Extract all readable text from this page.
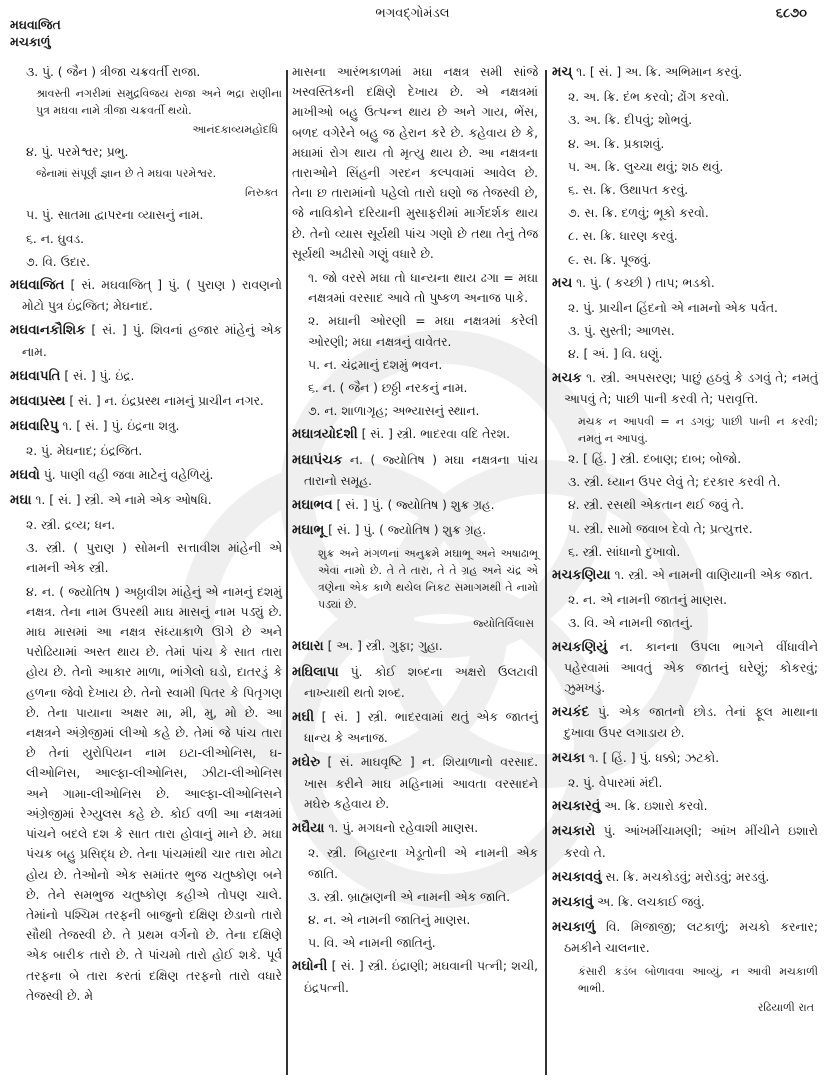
મઘવાજિત
મચકાળું
ભગવદ્ગોમંડલ	૬૮૭૦
૩. પું. ( જૈન ) ત્રીજા ચક્રવર્તી રાજા.
શ્રાવસ્તી નગરીમાં સમુદ્રવિજય રાજા અને ભદ્રા રાણીના પુત્ર મઘવા નામે ત્રીજા ચક્રવર્તી થયો.
આનંદકાવ્યમહોદધિ
૪. પું. પરમેશ્વર; પ્રભુ.
જેનામાં સંપૂર્ણ જ્ઞાન છે તે મઘવા પરમેશ્વર.
નિરુક્ત
૫. પું. સાતમા દ્વાપરના વ્યાસનું નામ.
૬. ન. ઘુવડ.
૭. વિ. ઉદાર.
મઘવાજિત [ સં. મઘવાજિત્ ] પું. ( પુરાણ ) રાવણનો મોટો પુત્ર ઇંદ્રજિત; મેઘનાદ.
મઘવાનકૌશિક [ સં. ] પું. શિવનાં હજાર માંહેનું એક નામ.
મઘવાપતિ [ સં. ] પું. ઇંદ્ર.
મઘવાપ્રસ્થ [ સં. ] ન. ઇંદ્રપ્રસ્થ નામનું પ્રાચીન નગર.
મઘવારિપુ ૧. [ સં. ] પું. ઇંદ્રના શત્રુ.
૨. પું. મેઘનાદ; ઇંદ્રજિત.
મઘવો પું. પાણી વહી જવા માટેનું વહેળિયું.
મઘા ૧. [ સં. ] સ્ત્રી. એ નામે એક ઓષધિ.
૨. સ્ત્રી. દ્રવ્ય; ધન.
૩. સ્ત્રી. ( પુરાણ ) સોમની સત્તાવીશ માંહેની એ નામની એક સ્ત્રી.
૪. ન. ( જ્યોતિષ ) અઠ્ઠાવીશ માંહેનું એ નામનું દશમું નક્ષત્ર. તેના નામ ઉપરથી માઘ માસનું નામ પડ્યું છે. માઘ માસમાં આ નક્ષત્ર સંધ્યાકાળે ઊગે છે અને પરોઢિયામાં અસ્ત થાય છે. તેમાં પાંચ કે સાત તારા હોય છે. તેનો આકાર માળા, ભાંગેલો ઘડો, દાતરડું કે હળના જેવો દેખાય છે. તેનો સ્વામી પિતર કે પિતૃગણ છે. તેના પાયાના અક્ષર મા, મી, મુ, મો છે. આ નક્ષત્રને અંગ્રેજીમાં લીઓ કહે છે. તેમાં જે પાંચ તારા છે તેનાં યુરોપિયન નામ ઇટા-લીઓનિસ, ઘ-લીઓનિસ, આલ્ફા-લીઓનિસ, ઝીટા-લીઓનિસ અને ગામા-લીઓનિસ છે. આલ્ફા-લીઓનિસને અંગ્રેજીમાં રેગ્યુલસ કહે છે. કોઈ વળી આ નક્ષત્રમાં પાંચને બદલે દશ કે સાત તારા હોવાનું માને છે. મઘા પંચક બહુ પ્રસિદ્ધ છે. તેના પાંચમાંથી ચાર તારા મોટા હોય છે. તેઓનો એક સમાંતર ભુજ ચતુષ્કોણ બને છે. તેને સમભુજ ચતુષ્કોણ કહીએ તોપણ ચાલે. તેમાંનો પશ્ચિમ તરફની બાજુનો દક્ષિણ છેડાનો તારો સૌથી તેજસ્વી છે. તે પ્રથમ વર્ગનો છે. તેના દક્ષિણે એક બારીક તારો છે. તે પાંચમો તારો હોઈ શકે. પૂર્વ તરફના બે તારા કરતાં દક્ષિણ તરફનો તારો વધારે તેજસ્વી છે. મે
માસના આરંભકાળમાં મઘા નક્ષત્ર સમી સાંજે ખસ્વસ્તિકની દક્ષિણે દેખાય છે. એ નક્ષત્રમાં માખીઓ બહુ ઉત્પન્ન થાય છે અને ગાય, ભેંસ, બળદ વગેરેને બહુ જ હેરાન કરે છે. કહેવાય છે કે, મઘામાં રોગ થાય તો મૃત્યુ થાય છે. આ નક્ષત્રના તારાઓને સિંહની ગરદન કલ્પવામાં આવેલ છે. તેના છ તારામાંનો પહેલો તારો ઘણો જ તેજસ્વી છે, જે નાવિકોને દરિયાની મુસાફરીમાં માર્ગદર્શક થાય છે. તેનો વ્યાસ સૂર્યથી પાંચ ગણો છે તથા તેનું તેજ સૂર્યથી અઢીસો ગણું વધારે છે.
૧. જો વરસે મઘા તો ધાન્યના થાય ઢગા = મઘા નક્ષત્રમાં વરસાદ આવે તો પુષ્કળ અનાજ પાકે.
૨. મઘાની ઓરણી = મઘા નક્ષત્રમાં કરેલી ઓરણી; મઘા નક્ષત્રનું વાવેતર.
૫. ન. ચંદ્રમાનું દશમું ભવન.
૬. ન. ( જૈન ) છઠ્ઠી નરકનું નામ.
૭. ન. શાળાગૃહ; અભ્યાસનું સ્થાન.
મઘાત્રયોદશી [ સં. ] સ્ત્રી. ભાદરવા વદિ તેરશ.
મઘાપંચક ન. ( જ્યોતિષ ) મઘા નક્ષત્રના પાંચ તારાનો સમૂહ.
મઘાભવ [ સં. ] પું. ( જ્યોતિષ ) શુક્ર ગ્રહ.
મઘાભૂ [ સં. ] પું. ( જ્યોતિષ ) શુક્ર ગ્રહ.
શુક્ર અને મંગળનાં અનુક્રમે મઘાભૂ અને અષાઢાભૂ એવાં નામો છે. તે તે તારા, તે તે ગ્રહ અને ચંદ્ર એ ત્રણેના એક કાળે થયેલ નિકટ સમાગમથી તે નામો પડ્યાં છે.
જ્યોતિર્વિલાસ
મઘારા [ અ. ] સ્ત્રી. ગુફા; ગુહા.
મઘિલાપા પું. કોઈ શબ્દના અક્ષરો ઉલટાવી નાખ્યાથી થતો શબ્દ.
મઘી [ સં. ] સ્ત્રી. ભાદરવામાં થતું એક જાતનું ધાન્ય કે અનાજ.
મઘેરુ [ સં. માઘવૃષ્ટિ ] ન. શિયાળાનો વરસાદ. ખાસ કરીને માઘ મહિનામાં આવતા વરસાદને મઘેરુ કહેવાય છે.
મઘૈયા ૧. પું. મગધનો રહેવાશી માણસ.
૨. સ્ત્રી. બિહારના ખેડૂતોની એ નામની એક જાતિ.
૩. સ્ત્રી. બ્રાહ્મણની એ નામની એક જાતિ.
૪. ન. એ નામની જાતિનું માણસ.
૫. વિ. એ નામની જાતિનું.
મઘોની [ સં. ] સ્ત્રી. ઇંદ્રાણી; મઘવાની પત્ની; શચી, ઇંદ્રપત્ની.
મચ્ ૧. [ સં. ] અ. ક્રિ. અભિમાન કરવું.
૨. અ. ક્રિ. દંભ કરવો; ઢોંગ કરવો.
૩. અ. ક્રિ. દીપવું; શોભવું.
૪. અ. ક્રિ. પ્રકાશવું.
૫. અ. ક્રિ. લુચ્ચા થવું; શઠ થવું.
૬. સ. ક્રિ. ઉથાપત કરવું.
૭. સ. ક્રિ. દળવું; ભૂકો કરવો.
૮. સ. ક્રિ. ધારણ કરવું.
૯. સ. ક્રિ. પૂજવું.
મચ ૧. પું. ( કચ્છી ) તાપ; ભડકો.
૨. પું. પ્રાચીન હિંદનો એ નામનો એક પર્વત.
૩. પું. સુસ્તી; આળસ.
૪. [ અં. ] વિ. ઘણું.
મચક ૧. સ્ત્રી. અપસરણ; પાછું હઠવું કે ડગવું તે; નમતું આપવું તે; પાછી પાની કરવી તે; પરાવૃત્તિ.
મચક ન આપવી = ન ડગવું; પાછી પાની ન કરવી; નમતું ન આપવું.
૨. [ હિં. ] સ્ત્રી. દબાણ; દાબ; બોજો.
૩. સ્ત્રી. ધ્યાન ઉપર લેવું તે; દરકાર કરવી તે.
૪. સ્ત્રી. રસથી એકતાન થઈ જવું તે.
૫. સ્ત્રી. સામો જવાબ દેવો તે; પ્રત્યુત્તર.
૬. સ્ત્રી. સાંધાનો દુખાવો.
મચકણિયા ૧. સ્ત્રી. એ નામની વાણિયાની એક જાત.
૨. ન. એ નામની જાતનું માણસ.
૩. વિ. એ નામની જાતનું.
મચકણિયું ન. કાનના ઉપલા ભાગને વીંધાવીને પહેરવામાં આવતું એક જાતનું ઘરેણું; કોકરવું; ઝુમખડું.
મચકંદ પું. એક જાતનો છોડ. તેનાં ફૂલ માથાના દુખાવા ઉપર લગાડાય છે.
મચકા ૧. [ હિં. ] પું. ધક્કો; ઝટકો.
૨. પું. વેપારમાં મંદી.
મચકારવું અ. ક્રિ. ઇશારો કરવો.
મચકારો પું. આંખમીંચામણી; આંખ મીંચીને ઇશારો કરવો તે.
મચકાવવું સ. ક્રિ. મચકોડવું; મરોડવું; મરડવું.
મચકાવું અ. ક્રિ. લચકાઈ જવું.
મચકાળું વિ. મિજાજી; લટકાળું; મચકો કરનાર; ઠમકીને ચાલનાર.
કંસારી કડંબ બોળાવવા આવ્યું, ન આવી મચકાળી ભાભી.
રઢિયાળી રાત
